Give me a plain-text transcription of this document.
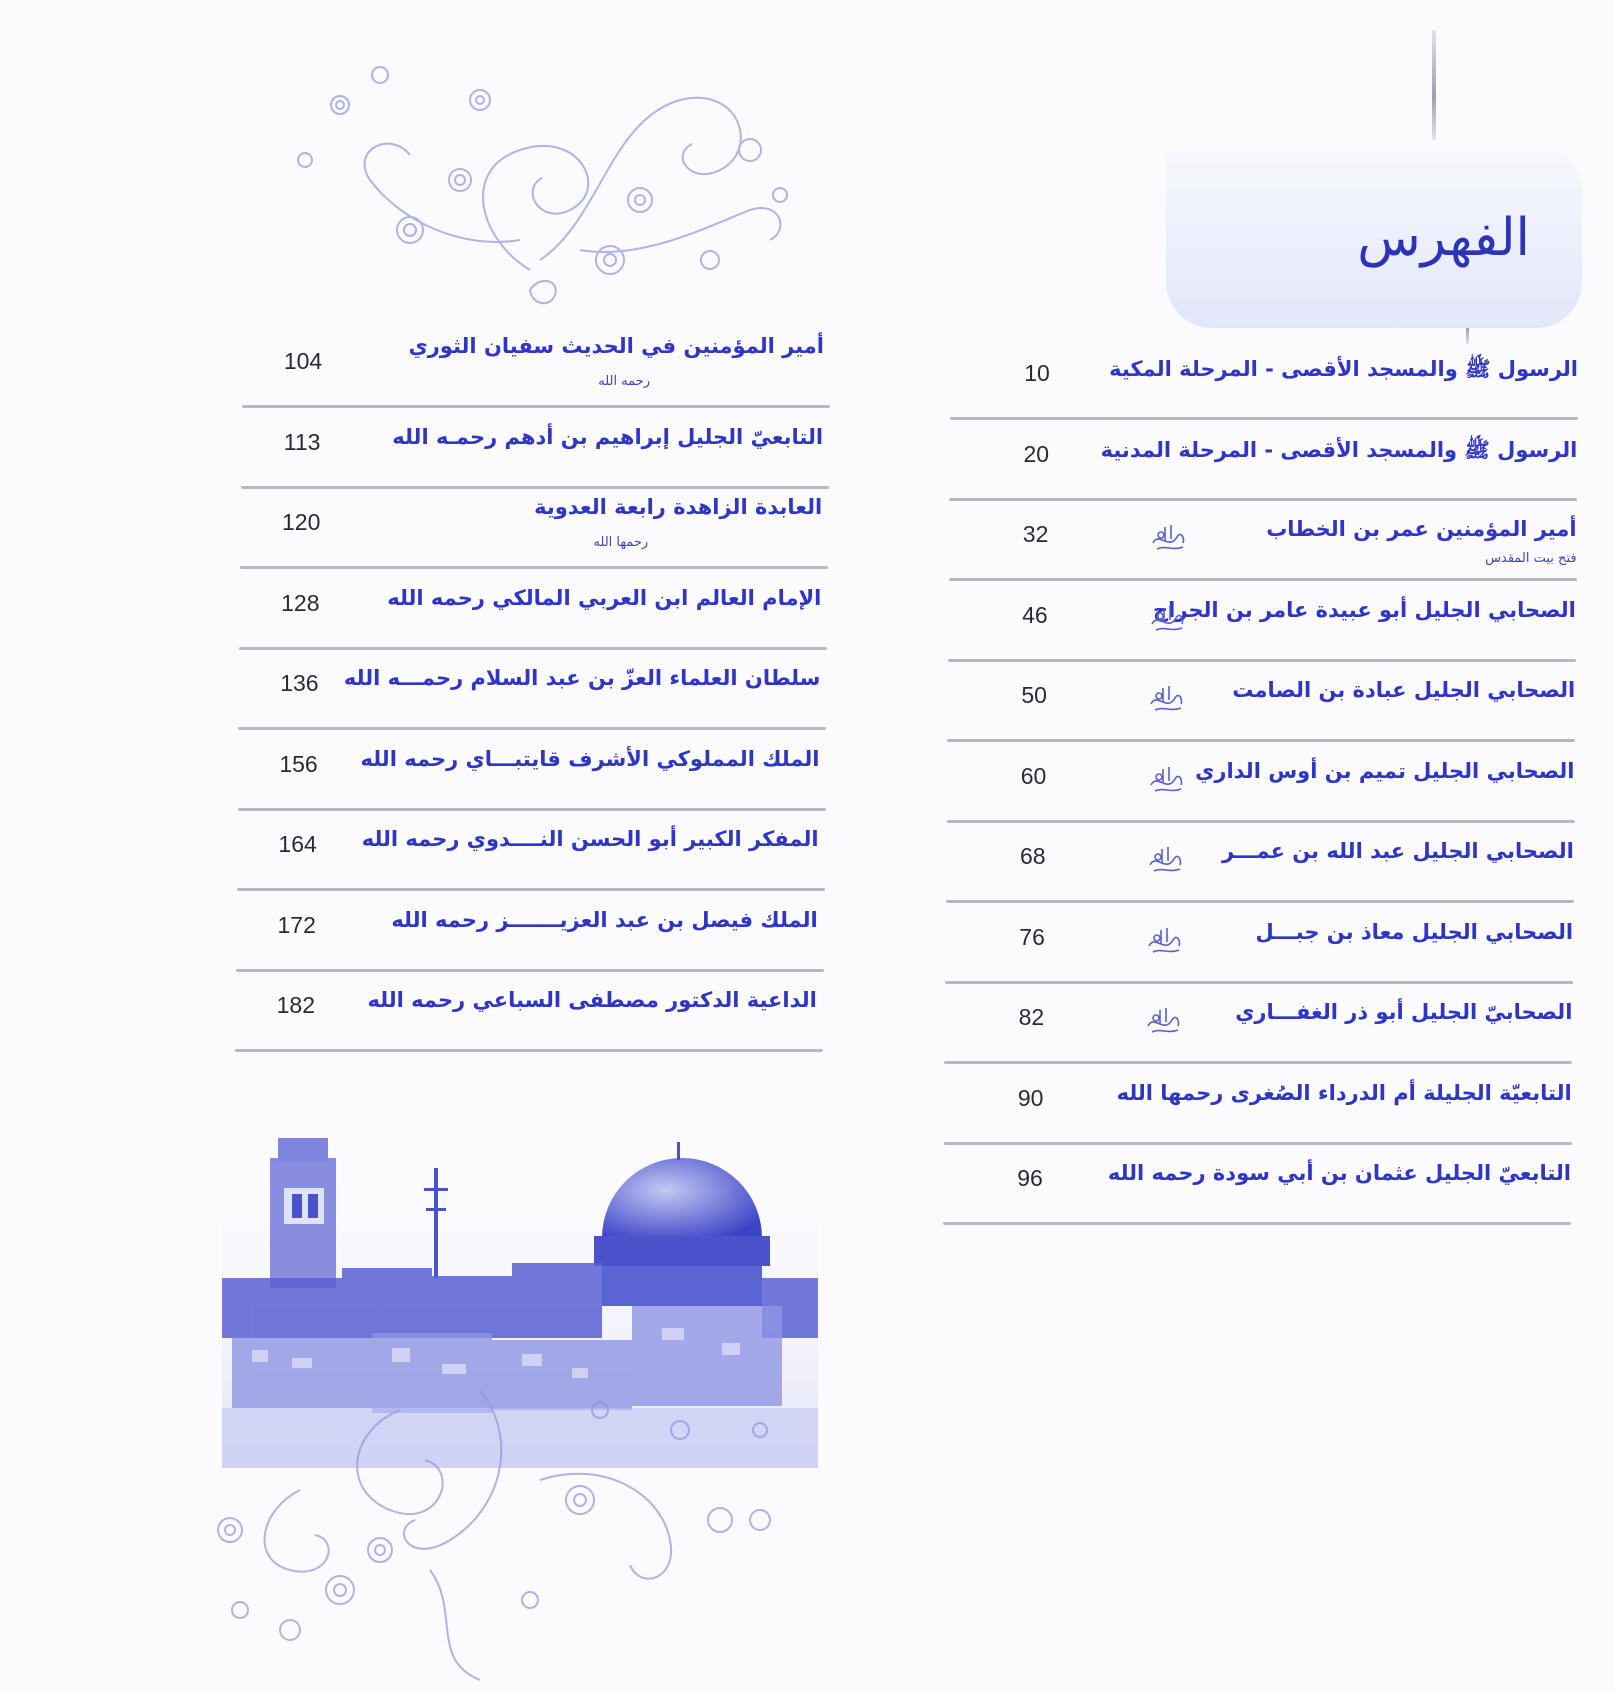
الفهرس
الرسول ﷺ والمسجد الأقصى - المرحلة المكية
10
الرسول ﷺ والمسجد الأقصى - المرحلة المدنية
20
أمير المؤمنين عمر بن الخطاب
فتح بيت المقدس
32
الصحابي الجليل أبو عبيدة عامر بن الجراح
46
الصحابي الجليل عبادة بن الصامت
50
الصحابي الجليل تميم بن أوس الداري
60
الصحابي الجليل عبد الله بن عمـــر
68
الصحابي الجليل معاذ بن جبـــل
76
الصحابيّ الجليل أبو ذر الغفـــاري
82
التابعيّة الجليلة أم الدرداء الصُغرى رحمها الله
90
التابعيّ الجليل عثمان بن أبي سودة رحمه الله
96
أمير المؤمنين في الحديث سفيان الثوري
رحمه الله
104
التابعيّ الجليل إبراهيم بن أدهم رحمـه الله
113
العابدة الزاهدة رابعة العدوية
رحمها الله
120
الإمام العالم ابن العربي المالكي رحمه الله
128
سلطان العلماء العزّ بن عبد السلام رحمـــه الله
136
الملك المملوكي الأشرف قايتبـــاي رحمه الله
156
المفكر الكبير أبو الحسن النــــدوي رحمه الله
164
الملك فيصل بن عبد العزيـــــــز رحمه الله
172
الداعية الدكتور مصطفى السباعي رحمه الله
182
